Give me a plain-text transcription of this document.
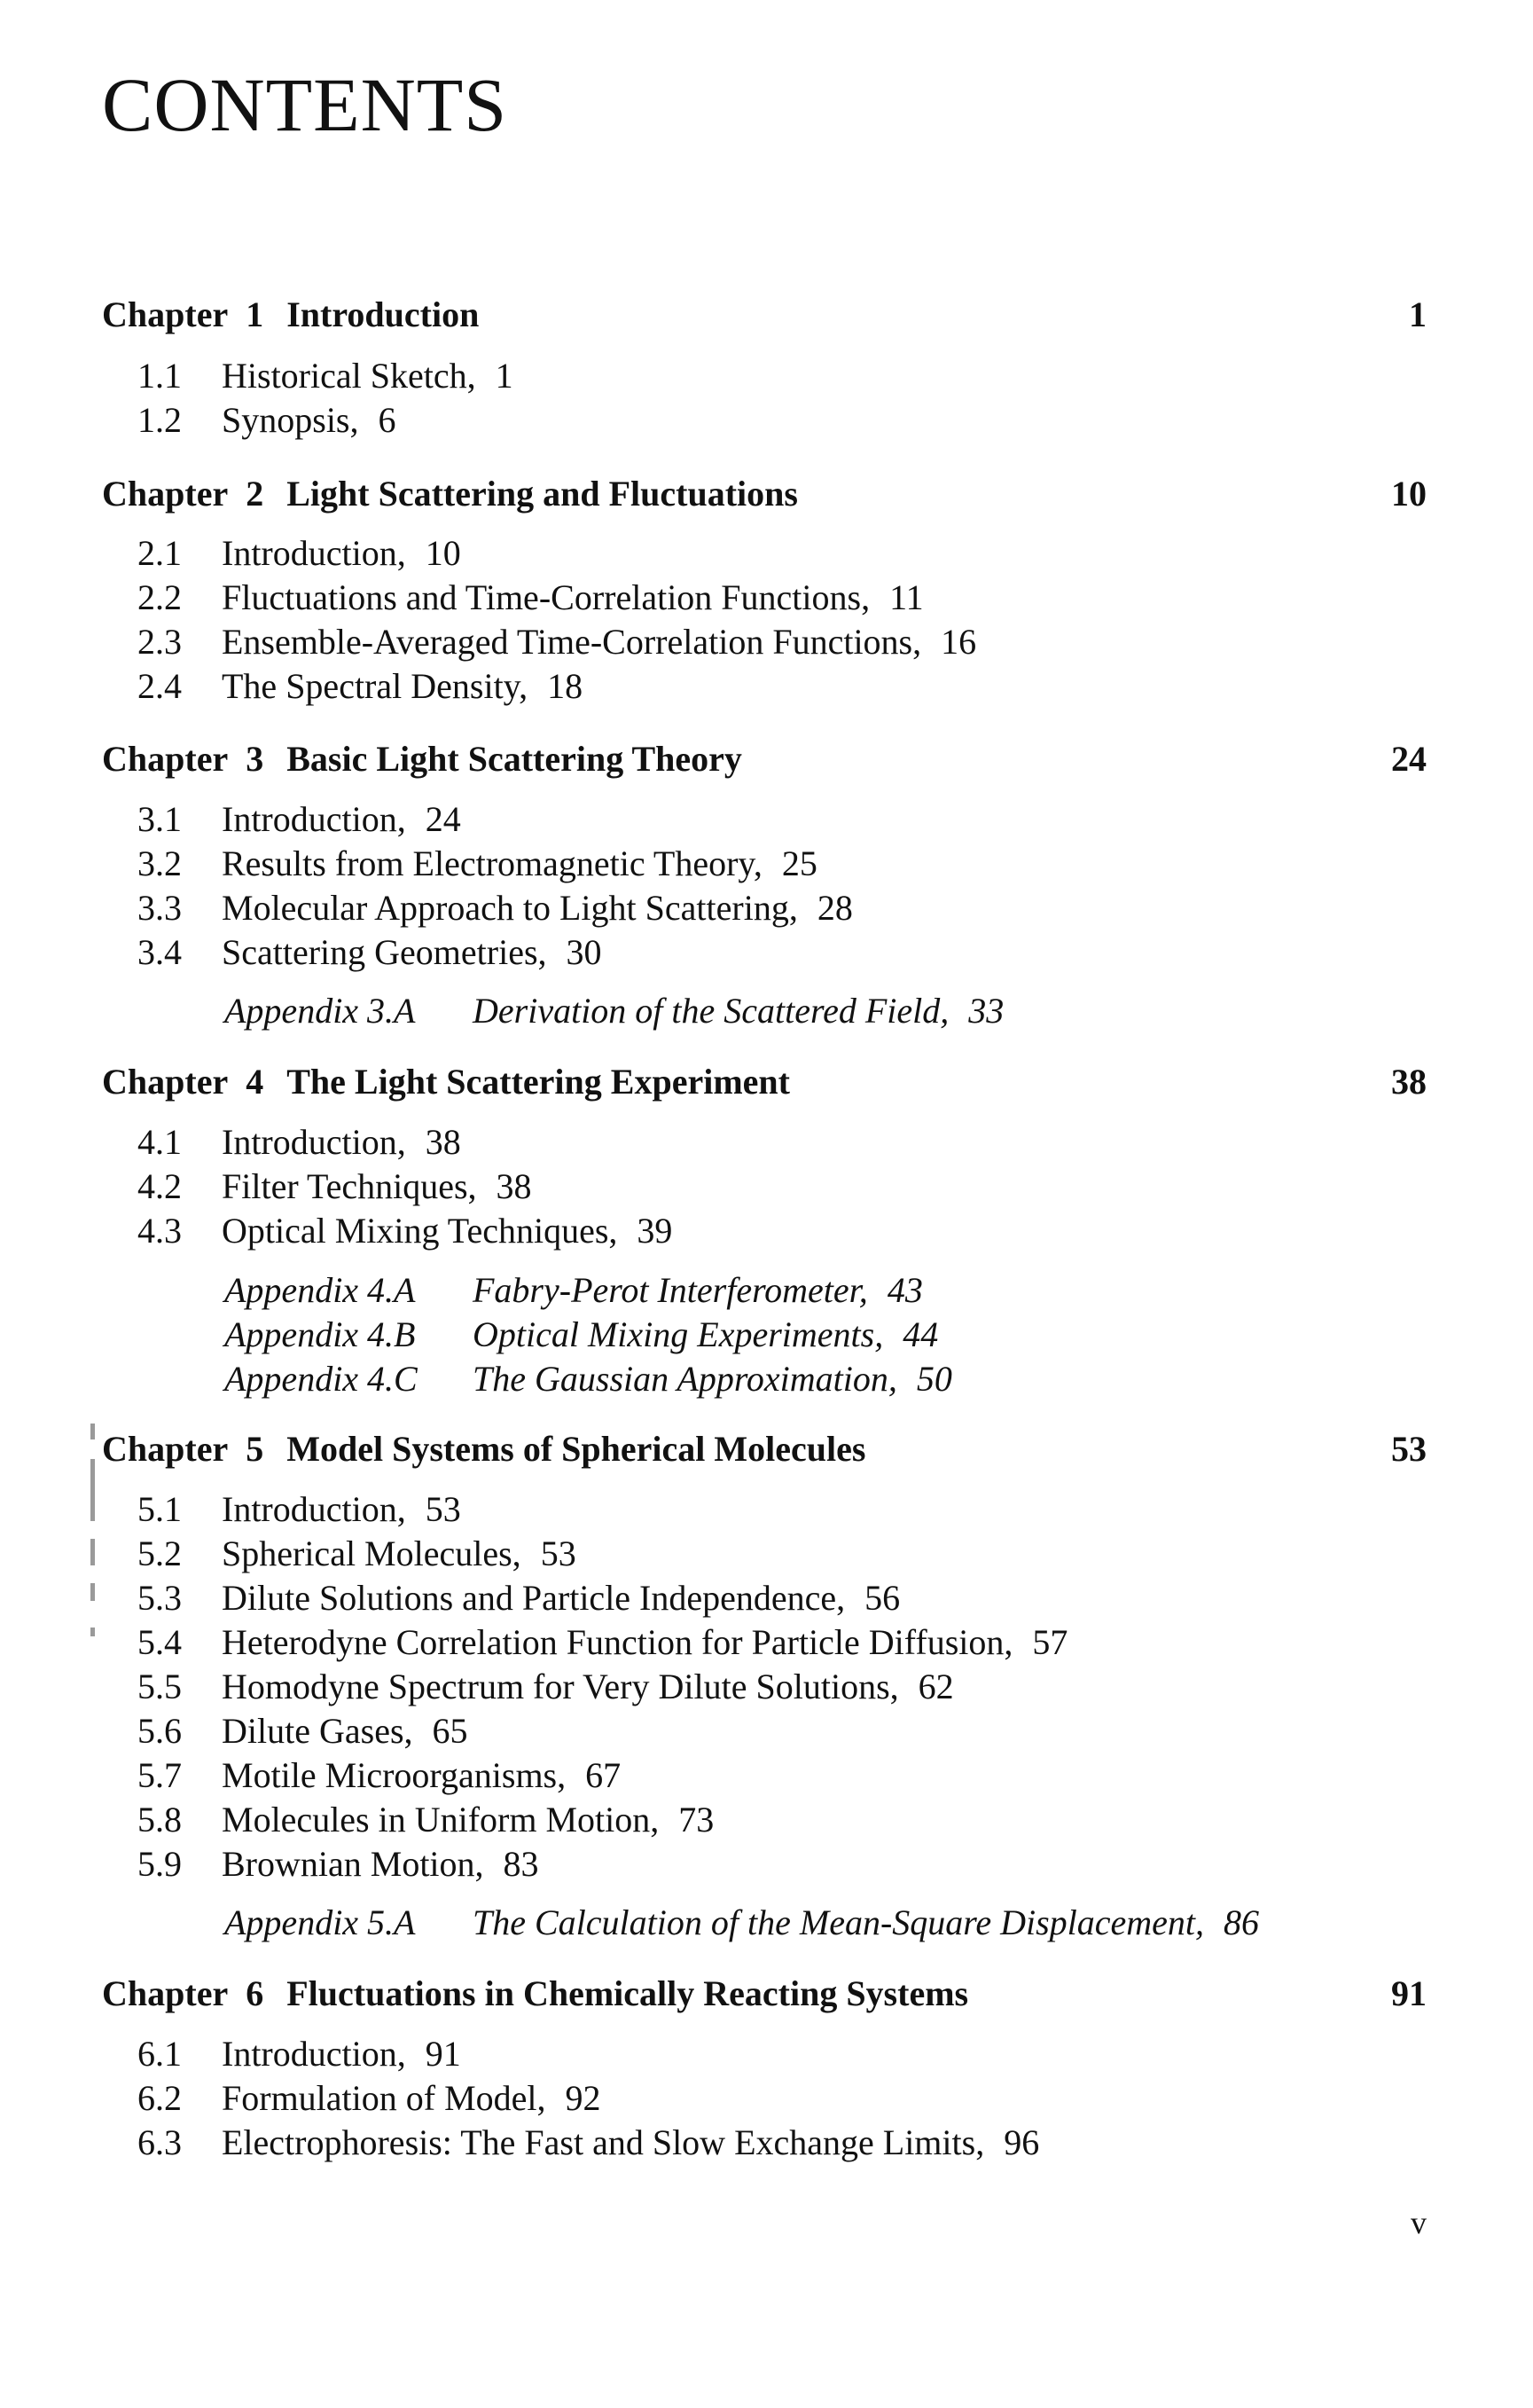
CONTENTS
Chapter 1 Introduction	1
1.1 Historical Sketch, 1
1.2 Synopsis, 6
Chapter 2 Light Scattering and Fluctuations	10
2.1 Introduction, 10
2.2 Fluctuations and Time-Correlation Functions, 11
2.3 Ensemble-Averaged Time-Correlation Functions, 16
2.4 The Spectral Density, 18
Chapter 3 Basic Light Scattering Theory	24
3.1 Introduction, 24
3.2 Results from Electromagnetic Theory, 25
3.3 Molecular Approach to Light Scattering, 28
3.4 Scattering Geometries, 30
Appendix 3.A Derivation of the Scattered Field, 33
Chapter 4 The Light Scattering Experiment	38
4.1 Introduction, 38
4.2 Filter Techniques, 38
4.3 Optical Mixing Techniques, 39
Appendix 4.A Fabry-Perot Interferometer, 43
Appendix 4.B Optical Mixing Experiments, 44
Appendix 4.C The Gaussian Approximation, 50
Chapter 5 Model Systems of Spherical Molecules	53
5.1 Introduction, 53
5.2 Spherical Molecules, 53
5.3 Dilute Solutions and Particle Independence, 56
5.4 Heterodyne Correlation Function for Particle Diffusion, 57
5.5 Homodyne Spectrum for Very Dilute Solutions, 62
5.6 Dilute Gases, 65
5.7 Motile Microorganisms, 67
5.8 Molecules in Uniform Motion, 73
5.9 Brownian Motion, 83
Appendix 5.A The Calculation of the Mean-Square Displacement, 86
Chapter 6 Fluctuations in Chemically Reacting Systems	91
6.1 Introduction, 91
6.2 Formulation of Model, 92
6.3 Electrophoresis: The Fast and Slow Exchange Limits, 96
v
